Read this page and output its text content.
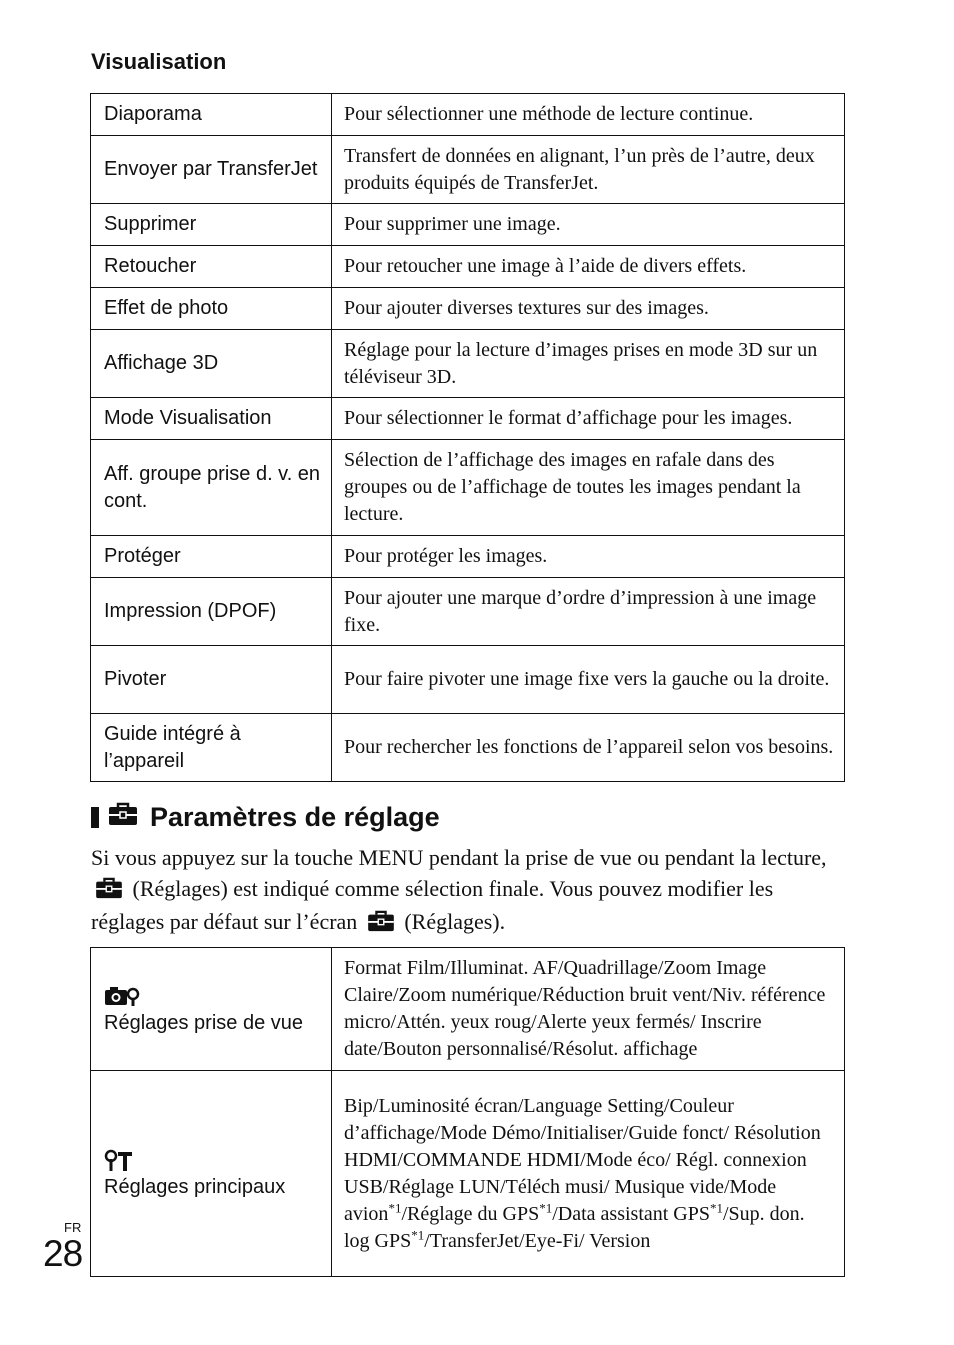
Visualisation
Diaporama	Pour sélectionner une méthode de lecture continue.
Envoyer par TransferJet	Transfert de données en alignant, l’un près de l’autre, deux produits équipés de TransferJet.
Supprimer	Pour supprimer une image.
Retoucher	Pour retoucher une image à l’aide de divers effets.
Effet de photo	Pour ajouter diverses textures sur des images.
Affichage 3D	Réglage pour la lecture d’images prises en mode 3D sur un téléviseur 3D.
Mode Visualisation	Pour sélectionner le format d’affichage pour les images.
Aff. groupe prise d. v. en cont.	Sélection de l’affichage des images en rafale dans des groupes ou de l’affichage de toutes les images pendant la lecture.
Protéger	Pour protéger les images.
Impression (DPOF)	Pour ajouter une marque d’ordre d’impression à une image fixe.
Pivoter	Pour faire pivoter une image fixe vers la gauche ou la droite.
Guide intégré à l’appareil	Pour rechercher les fonctions de l’appareil selon vos besoins.
Paramètres de réglage
Si vous appuyez sur la touche MENU pendant la prise de vue ou pendant la lecture,  (Réglages) est indiqué comme sélection finale. Vous pouvez modifier les réglages par défaut sur l’écran (Réglages).
Réglages prise de vue	Format Film/Illuminat. AF/Quadrillage/Zoom Image Claire/Zoom numérique/Réduction bruit vent/Niv. référence micro/Attén. yeux roug/Alerte yeux fermés/ Inscrire date/Bouton personnalisé/Résolut. affichage

Réglages principaux	Bip/Luminosité écran/Language Setting/Couleur d’affichage/Mode Démo/Initialiser/Guide fonct/ Résolution HDMI/COMMANDE HDMI/Mode éco/ Régl. connexion USB/Réglage LUN/Téléch musi/ Musique vide/Mode avion$^{*1}$/Réglage du GPS$^{*1}$/Data assistant GPS$^{*1}$/Sup. don. log GPS$^{*1}$/TransferJet/Eye-Fi/ Version
FR
28
